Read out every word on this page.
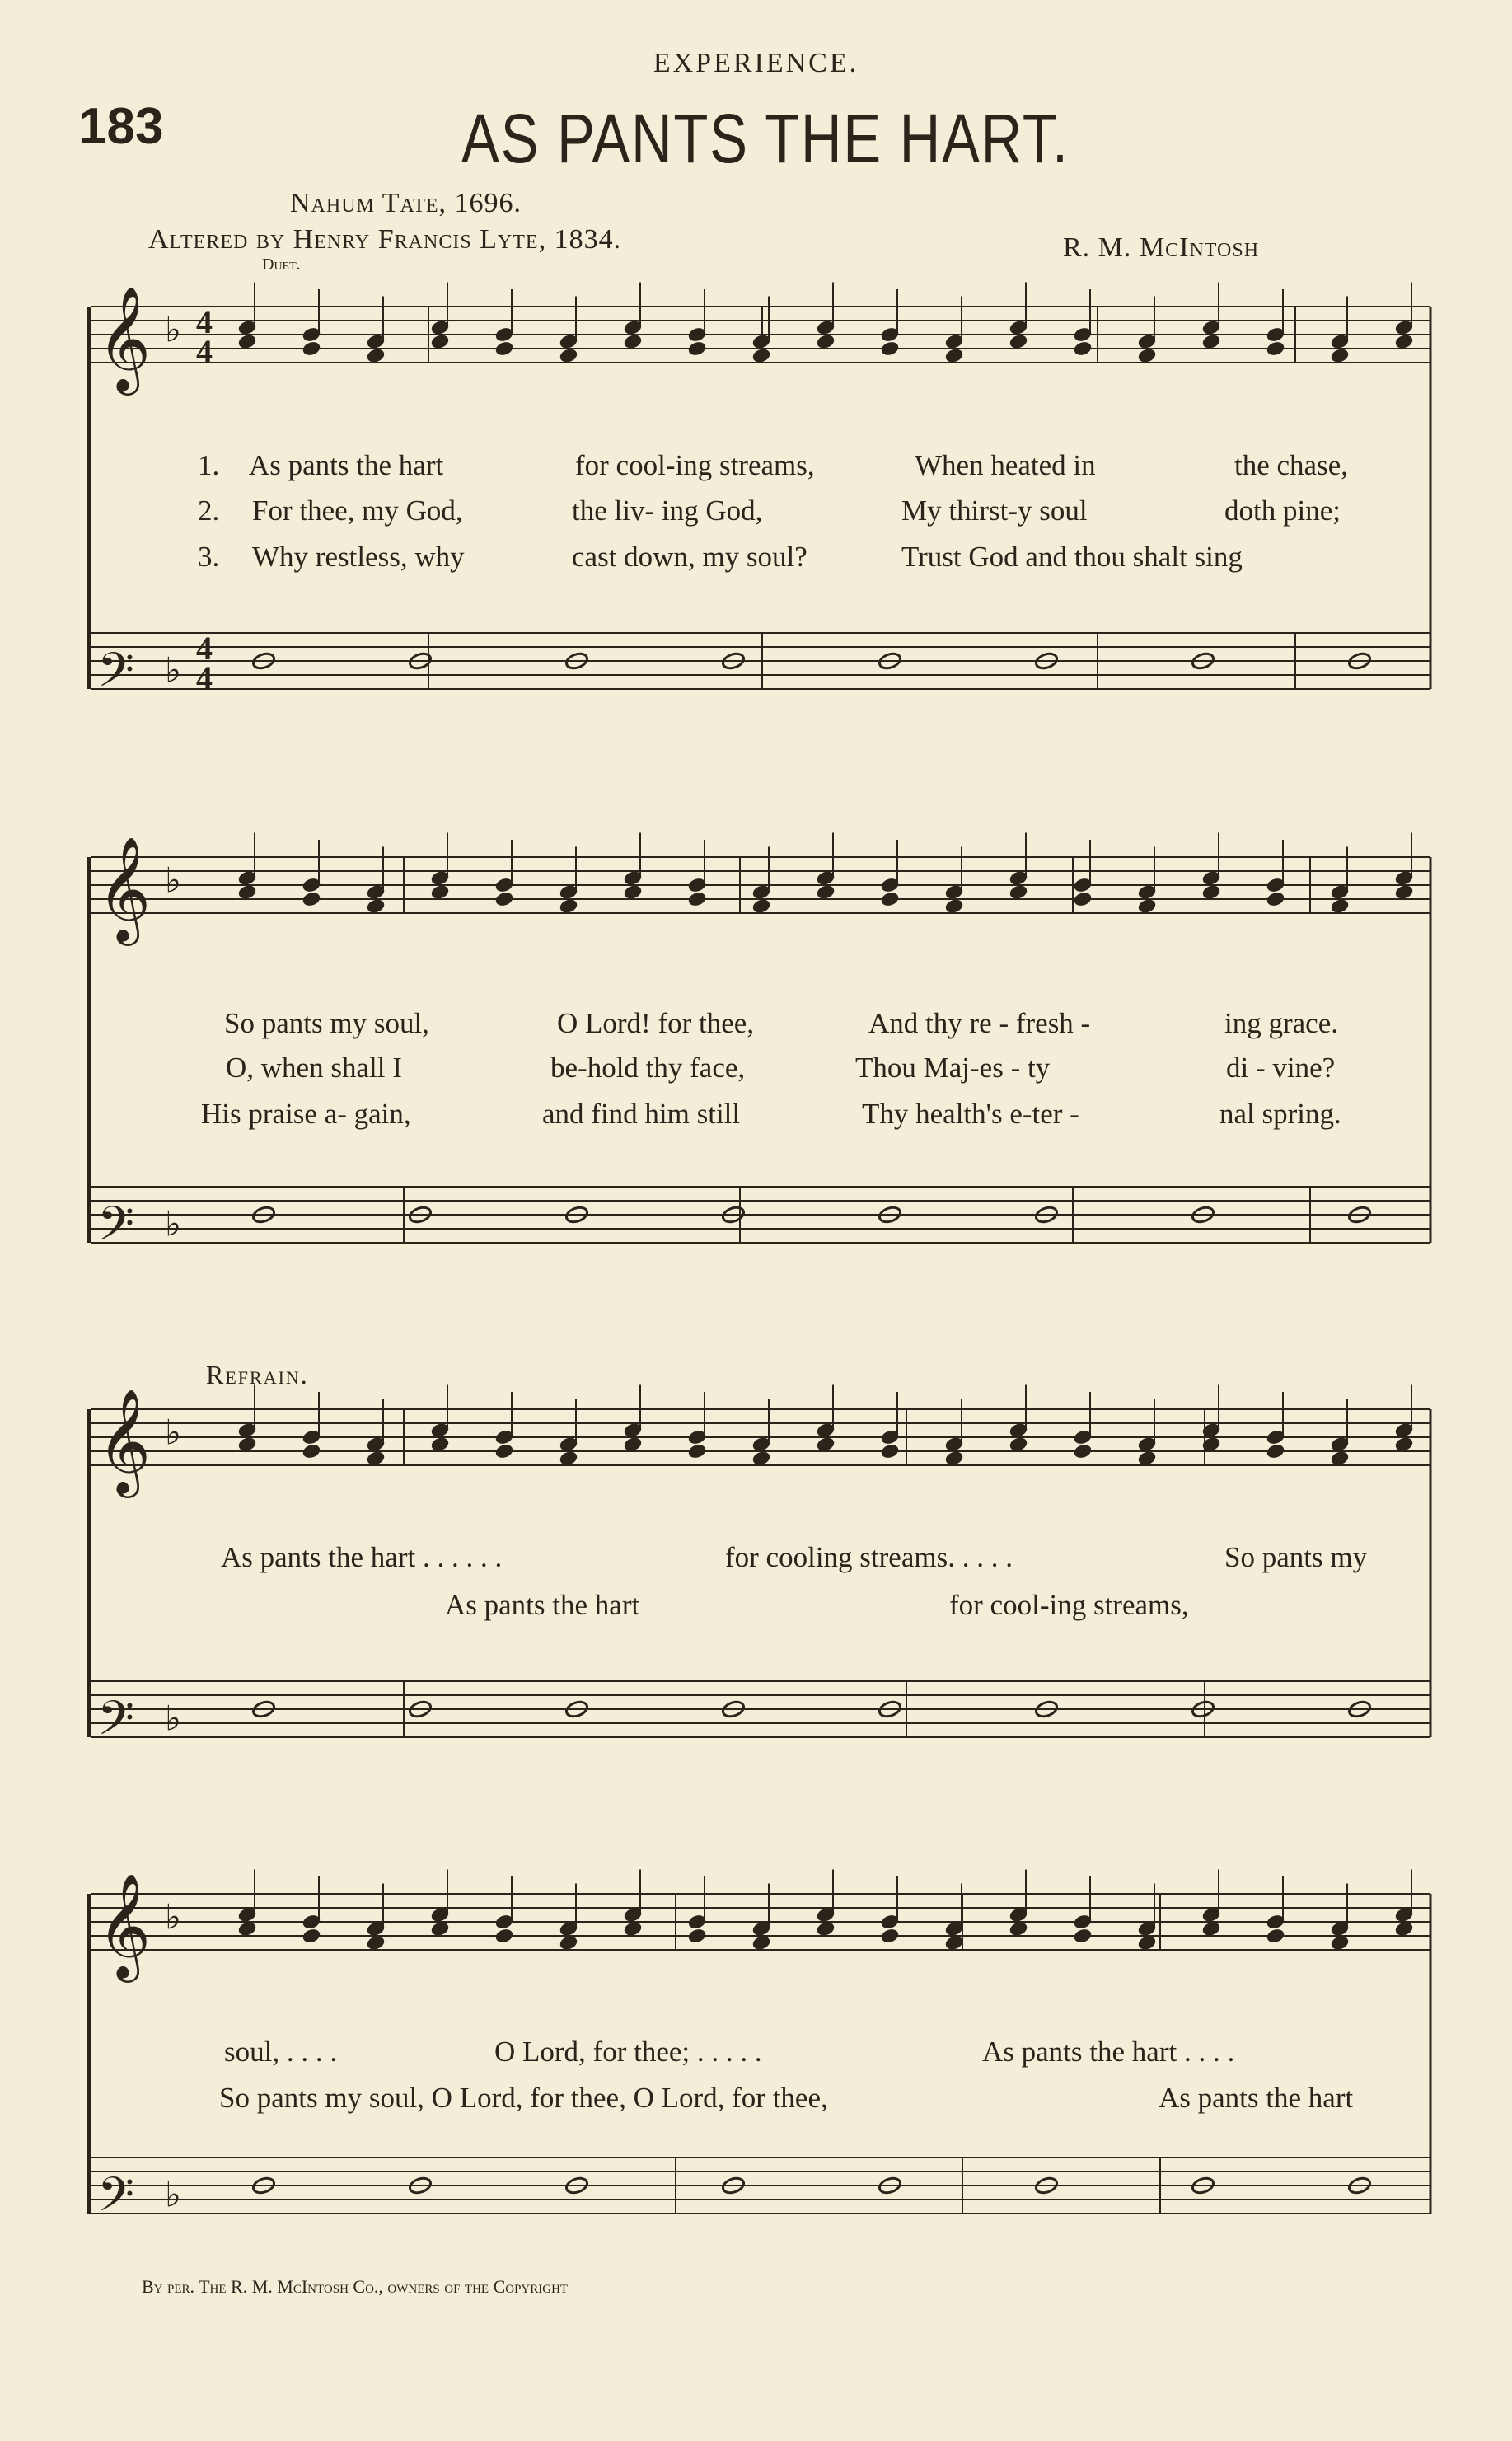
EXPERIENCE.
183	AS PANTS THE HART.
Nahum Tate, 1696.
Altered by Henry Francis Lyte, 1834.	R. M. McIntosh
Duet.
𝄞 ♭ 4
4
𝄢 ♭
4
4
𝄞 ♭
𝄢 ♭
𝄞 ♭
𝄢 ♭
𝄞 ♭
𝄢 ♭
1. As pants the hart	for cool-ing streams,	When heated in	the chase,
2. For thee, my God,	the liv- ing God,	My thirst-y soul	doth pine;
3. Why restless, why	cast down, my soul?	Trust God and thou shalt sing
So pants my soul,	O Lord! for thee,	And thy re - fresh -	ing grace.
O, when shall I	be-hold thy face,	Thou Maj-es - ty	di - vine?
His praise a- gain,	and find him still	Thy health's e-ter -	nal spring.
Refrain.
As pants the hart . . . . . .	for cooling streams. . . . .	So pants my
As pants the hart	for cool-ing streams,
soul, . . . .	O Lord, for thee; . . . . .	As pants the hart . . . .
So pants my soul, O Lord, for thee, O Lord, for thee,	As pants the hart
By per. The R. M. McIntosh Co., owners of the Copyright
